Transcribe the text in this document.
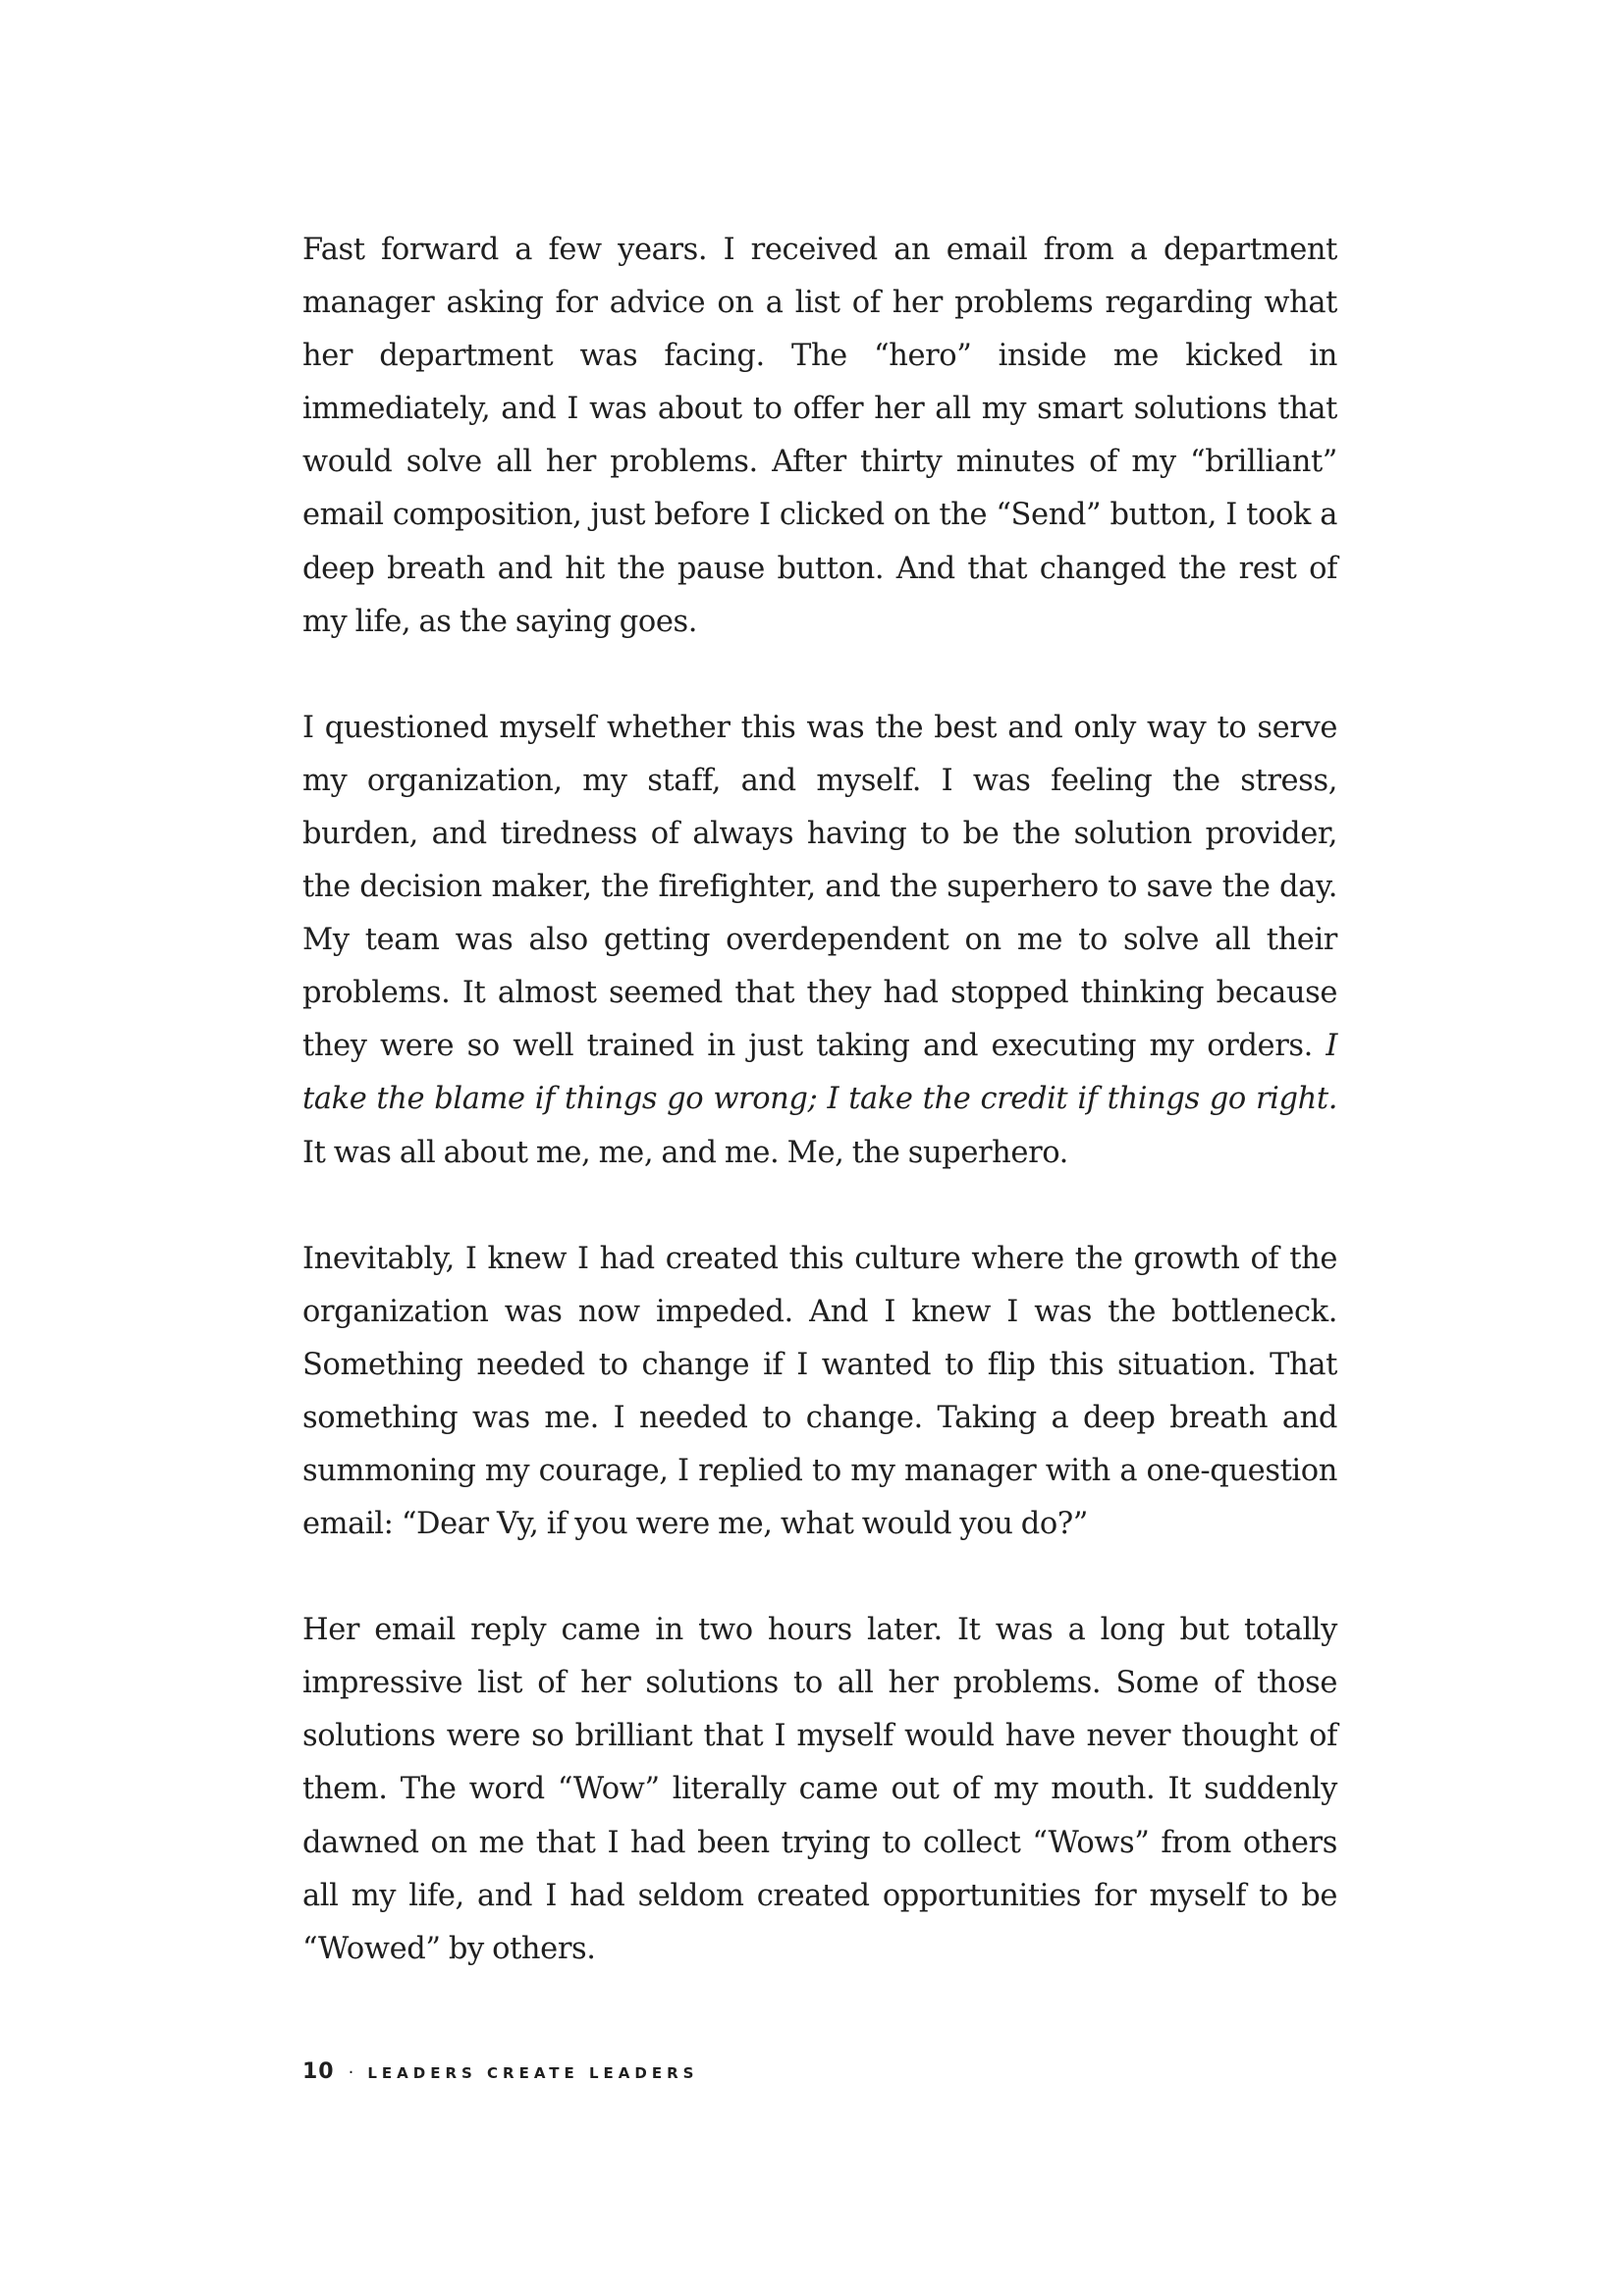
Fast forward a few years. I received an email from a department manager asking for advice on a list of her problems regarding what her department was facing. The “hero” inside me kicked in immediately, and I was about to offer her all my smart solutions that would solve all her problems. After thirty minutes of my “brilliant” email composition, just before I clicked on the “Send” button, I took a deep breath and hit the pause button. And that changed the rest of my life, as the saying goes.

I questioned myself whether this was the best and only way to serve my organization, my staff, and myself. I was feeling the stress, burden, and tiredness of always having to be the solution provider, the decision maker, the firefighter, and the superhero to save the day. My team was also getting overdependent on me to solve all their problems. It almost seemed that they had stopped thinking because they were so well trained in just taking and executing my orders. I take the blame if things go wrong; I take the credit if things go right. It was all about me, me, and me. Me, the superhero.

Inevitably, I knew I had created this culture where the growth of the organization was now impeded. And I knew I was the bottleneck. Something needed to change if I wanted to flip this situation. That something was me. I needed to change. Taking a deep breath and summoning my courage, I replied to my manager with a one-question email: “Dear Vy, if you were me, what would you do?”

Her email reply came in two hours later. It was a long but totally impressive list of her solutions to all her problems. Some of those solutions were so brilliant that I myself would have never thought of them. The word “Wow” literally came out of my mouth. It suddenly dawned on me that I had been trying to collect “Wows” from others all my life, and I had seldom created opportunities for myself to be “Wowed” by others.

10 · LEADERS CREATE LEADERS
